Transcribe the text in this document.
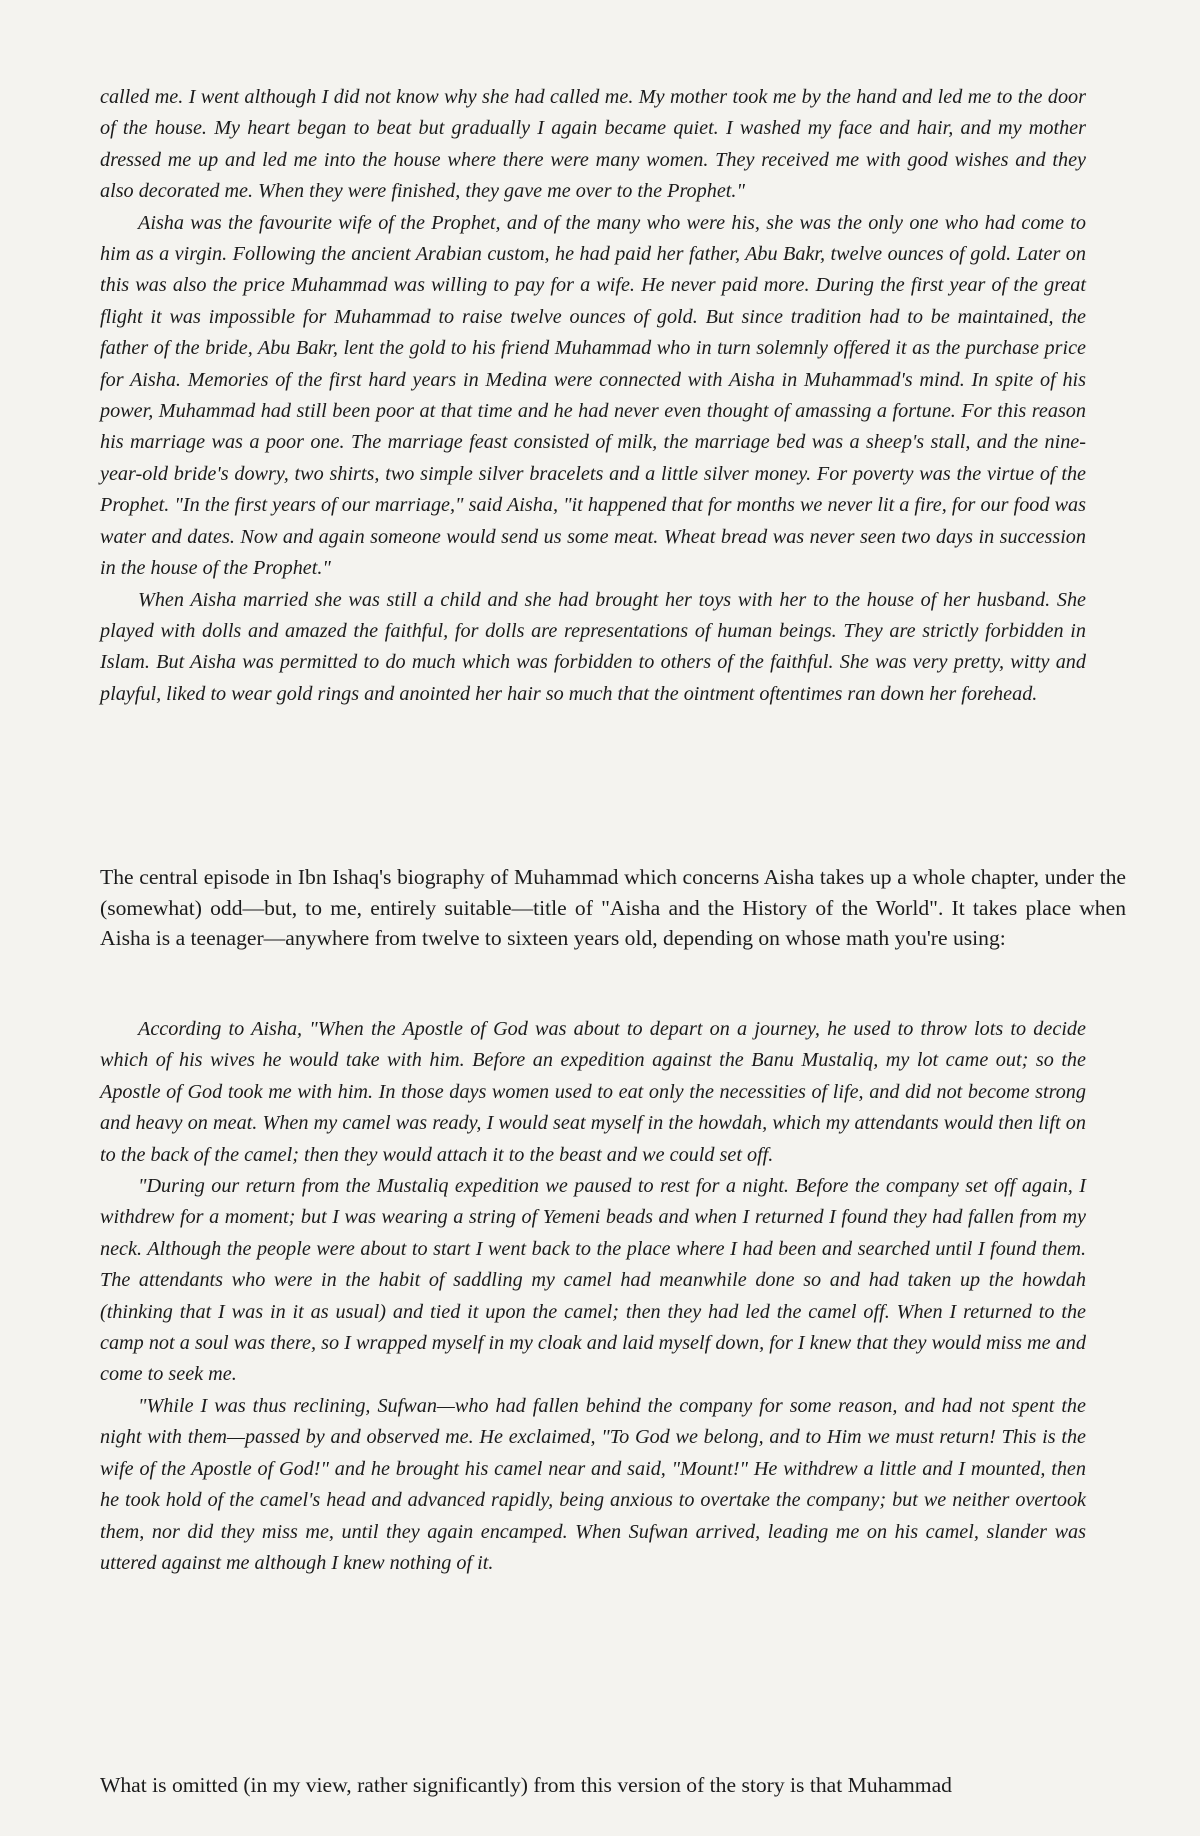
called me. I went although I did not know why she had called me. My mother took me by the hand and led me to the door of the house. My heart began to beat but gradually I again became quiet. I washed my face and hair, and my mother dressed me up and led me into the house where there were many women. They received me with good wishes and they also decorated me. When they were finished, they gave me over to the Prophet."

Aisha was the favourite wife of the Prophet, and of the many who were his, she was the only one who had come to him as a virgin. Following the ancient Arabian custom, he had paid her father, Abu Bakr, twelve ounces of gold. Later on this was also the price Muhammad was willing to pay for a wife. He never paid more. During the first year of the great flight it was impossible for Muhammad to raise twelve ounces of gold. But since tradition had to be maintained, the father of the bride, Abu Bakr, lent the gold to his friend Muhammad who in turn solemnly offered it as the purchase price for Aisha. Memories of the first hard years in Medina were connected with Aisha in Muhammad's mind. In spite of his power, Muhammad had still been poor at that time and he had never even thought of amassing a fortune. For this reason his marriage was a poor one. The marriage feast consisted of milk, the marriage bed was a sheep's stall, and the nine-year-old bride's dowry, two shirts, two simple silver bracelets and a little silver money. For poverty was the virtue of the Prophet. "In the first years of our marriage," said Aisha, "it happened that for months we never lit a fire, for our food was water and dates. Now and again someone would send us some meat. Wheat bread was never seen two days in succession in the house of the Prophet."

When Aisha married she was still a child and she had brought her toys with her to the house of her husband. She played with dolls and amazed the faithful, for dolls are representations of human beings. They are strictly forbidden in Islam. But Aisha was permitted to do much which was forbidden to others of the faithful. She was very pretty, witty and playful, liked to wear gold rings and anointed her hair so much that the ointment oftentimes ran down her forehead.

The central episode in Ibn Ishaq's biography of Muhammad which concerns Aisha takes up a whole chapter, under the (somewhat) odd—but, to me, entirely suitable—title of "Aisha and the History of the World". It takes place when Aisha is a teenager—anywhere from twelve to sixteen years old, depending on whose math you're using:

According to Aisha, "When the Apostle of God was about to depart on a journey, he used to throw lots to decide which of his wives he would take with him. Before an expedition against the Banu Mustaliq, my lot came out; so the Apostle of God took me with him. In those days women used to eat only the necessities of life, and did not become strong and heavy on meat. When my camel was ready, I would seat myself in the howdah, which my attendants would then lift on to the back of the camel; then they would attach it to the beast and we could set off.

"During our return from the Mustaliq expedition we paused to rest for a night. Before the company set off again, I withdrew for a moment; but I was wearing a string of Yemeni beads and when I returned I found they had fallen from my neck. Although the people were about to start I went back to the place where I had been and searched until I found them. The attendants who were in the habit of saddling my camel had meanwhile done so and had taken up the howdah (thinking that I was in it as usual) and tied it upon the camel; then they had led the camel off. When I returned to the camp not a soul was there, so I wrapped myself in my cloak and laid myself down, for I knew that they would miss me and come to seek me.

"While I was thus reclining, Sufwan—who had fallen behind the company for some reason, and had not spent the night with them—passed by and observed me. He exclaimed, "To God we belong, and to Him we must return! This is the wife of the Apostle of God!" and he brought his camel near and said, "Mount!" He withdrew a little and I mounted, then he took hold of the camel's head and advanced rapidly, being anxious to overtake the company; but we neither overtook them, nor did they miss me, until they again encamped. When Sufwan arrived, leading me on his camel, slander was uttered against me although I knew nothing of it.

What is omitted (in my view, rather significantly) from this version of the story is that Muhammad
